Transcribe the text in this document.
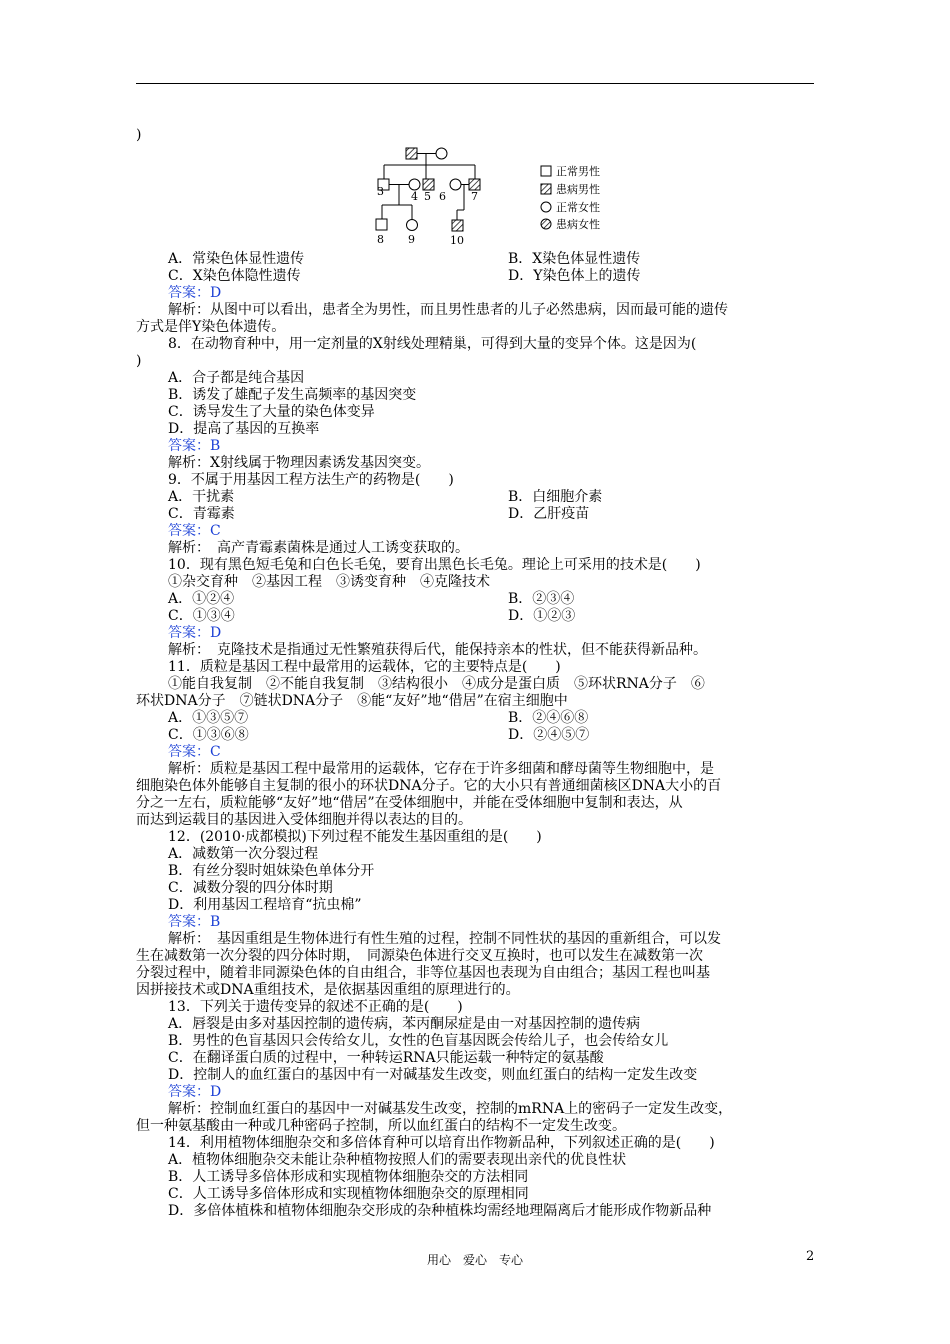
)
3 4 5 6 7
8 9	10
正常男性
患病男性
正常女性
患病女性
A．常染色体显性遗传	B．X染色体显性遗传
C．X染色体隐性遗传	D．Y染色体上的遗传
答案：D
解析：从图中可以看出，患者全为男性，而且男性患者的儿子必然患病，因而最可能的遗传
方式是伴Y染色体遗传。
8．在动物育种中，用一定剂量的X射线处理精巢，可得到大量的变异个体。这是因为(
)
A．合子都是纯合基因
B．诱发了雄配子发生高频率的基因突变
C．诱导发生了大量的染色体变异
D．提高了基因的互换率
答案：B
解析：X射线属于物理因素诱发基因突变。
9．不属于用基因工程方法生产的药物是(　　)
A．干扰素	B．白细胞介素
C．青霉素	D．乙肝疫苗
答案：C
解析：　高产青霉素菌株是通过人工诱变获取的。
10．现有黑色短毛兔和白色长毛兔，要育出黑色长毛兔。理论上可采用的技术是(　　)
①杂交育种　②基因工程　③诱变育种　④克隆技术
A．①②④	B．②③④
C．①③④	D．①②③
答案：D
解析：　克隆技术是指通过无性繁殖获得后代，能保持亲本的性状，但不能获得新品种。
11．质粒是基因工程中最常用的运载体，它的主要特点是(　　)
①能自我复制　②不能自我复制　③结构很小　④成分是蛋白质　⑤环状RNA分子　⑥
环状DNA分子　⑦链状DNA分子　⑧能“友好”地“借居”在宿主细胞中
A．①③⑤⑦	B．②④⑥⑧
C．①③⑥⑧	D．②④⑤⑦
答案：C
解析：质粒是基因工程中最常用的运载体，它存在于许多细菌和酵母菌等生物细胞中，是
细胞染色体外能够自主复制的很小的环状DNA分子。它的大小只有普通细菌核区DNA大小的百
分之一左右，质粒能够“友好”地“借居”在受体细胞中，并能在受体细胞中复制和表达，从
而达到运载目的基因进入受体细胞并得以表达的目的。
12．(2010·成都模拟)下列过程不能发生基因重组的是(　　)
A．减数第一次分裂过程
B．有丝分裂时姐妹染色单体分开
C．减数分裂的四分体时期
D．利用基因工程培育“抗虫棉”
答案：B
解析：　基因重组是生物体进行有性生殖的过程，控制不同性状的基因的重新组合，可以发
生在减数第一次分裂的四分体时期，　同源染色体进行交叉互换时，也可以发生在减数第一次
分裂过程中，随着非同源染色体的自由组合，非等位基因也表现为自由组合；基因工程也叫基
因拼接技术或DNA重组技术，是依据基因重组的原理进行的。
13．下列关于遗传变异的叙述不正确的是(　　)
A．唇裂是由多对基因控制的遗传病，苯丙酮尿症是由一对基因控制的遗传病
B．男性的色盲基因只会传给女儿，女性的色盲基因既会传给儿子，也会传给女儿
C．在翻译蛋白质的过程中，一种转运RNA只能运载一种特定的氨基酸
D．控制人的血红蛋白的基因中有一对碱基发生改变，则血红蛋白的结构一定发生改变
答案：D
解析：控制血红蛋白的基因中一对碱基发生改变，控制的mRNA上的密码子一定发生改变，
但一种氨基酸由一种或几种密码子控制，所以血红蛋白的结构不一定发生改变。
14．利用植物体细胞杂交和多倍体育种可以培育出作物新品种，下列叙述正确的是(　　)
A．植物体细胞杂交未能让杂种植物按照人们的需要表现出亲代的优良性状
B．人工诱导多倍体形成和实现植物体细胞杂交的方法相同
C．人工诱导多倍体形成和实现植物体细胞杂交的原理相同
D．多倍体植株和植物体细胞杂交形成的杂种植株均需经地理隔离后才能形成作物新品种
用心　爱心　专心	2
